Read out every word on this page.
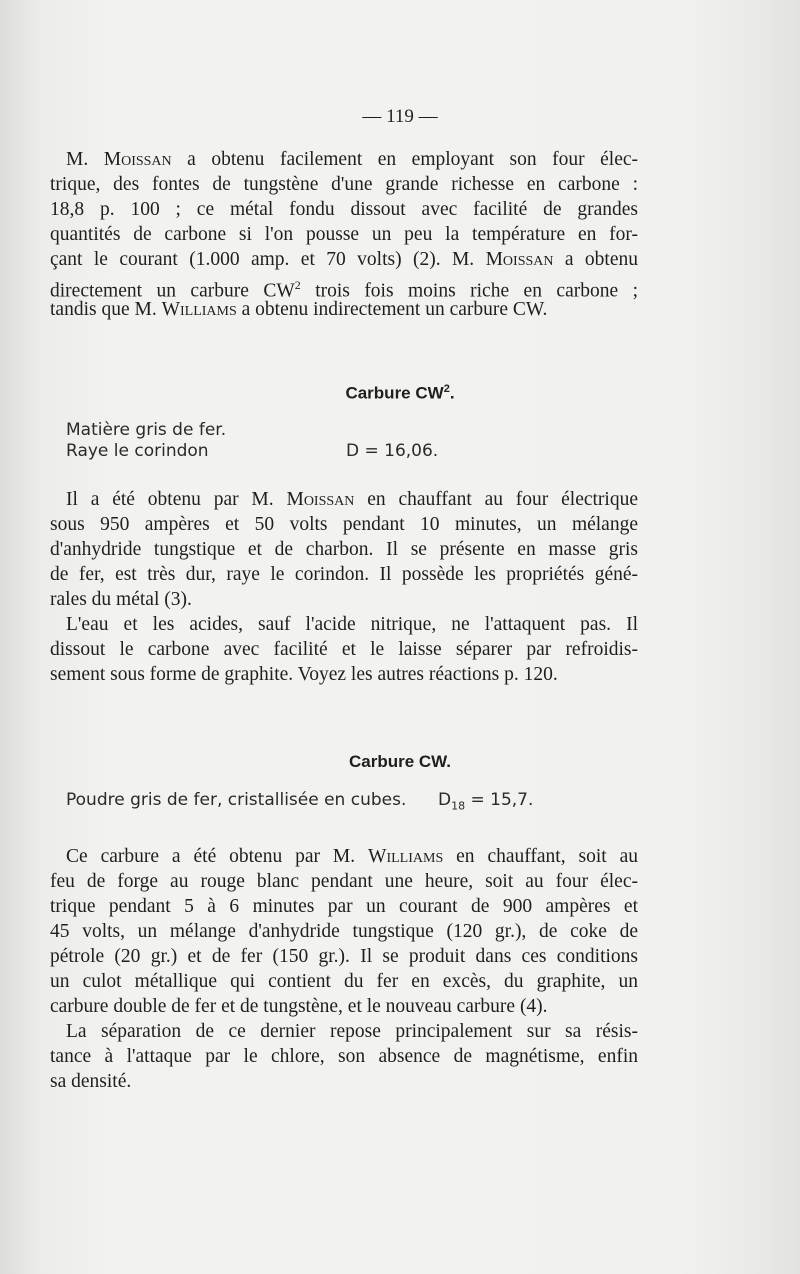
— 119 —
M. Moissan a obtenu facilement en employant son four élec-
trique, des fontes de tungstène d'une grande richesse en carbone :
18,8 p. 100 ; ce métal fondu dissout avec facilité de grandes
quantités de carbone si l'on pousse un peu la température en for-
çant le courant (1.000 amp. et 70 volts) (2). M. Moissan a obtenu
directement un carbure $CW^2$ trois fois moins riche en carbone ;
tandis que M. Williams a obtenu indirectement un carbure CW.
Carbure $CW^2$.
Matière gris de fer.
Raye le corindon	D = 16,06.
Il a été obtenu par M. Moissan en chauffant au four électrique
sous 950 ampères et 50 volts pendant 10 minutes, un mélange
d'anhydride tungstique et de charbon. Il se présente en masse gris
de fer, est très dur, raye le corindon. Il possède les propriétés géné-
rales du métal (3).
L'eau et les acides, sauf l'acide nitrique, ne l'attaquent pas. Il
dissout le carbone avec facilité et le laisse séparer par refroidis-
sement sous forme de graphite. Voyez les autres réactions p. 120.
Carbure CW.
Poudre gris de fer, cristallisée en cubes. $D_{18} = 15,7$.
Ce carbure a été obtenu par M. Williams en chauffant, soit au
feu de forge au rouge blanc pendant une heure, soit au four élec-
trique pendant 5 à 6 minutes par un courant de 900 ampères et
45 volts, un mélange d'anhydride tungstique (120 gr.), de coke de
pétrole (20 gr.) et de fer (150 gr.). Il se produit dans ces conditions
un culot métallique qui contient du fer en excès, du graphite, un
carbure double de fer et de tungstène, et le nouveau carbure (4).
La séparation de ce dernier repose principalement sur sa résis-
tance à l'attaque par le chlore, son absence de magnétisme, enfin
sa densité.
